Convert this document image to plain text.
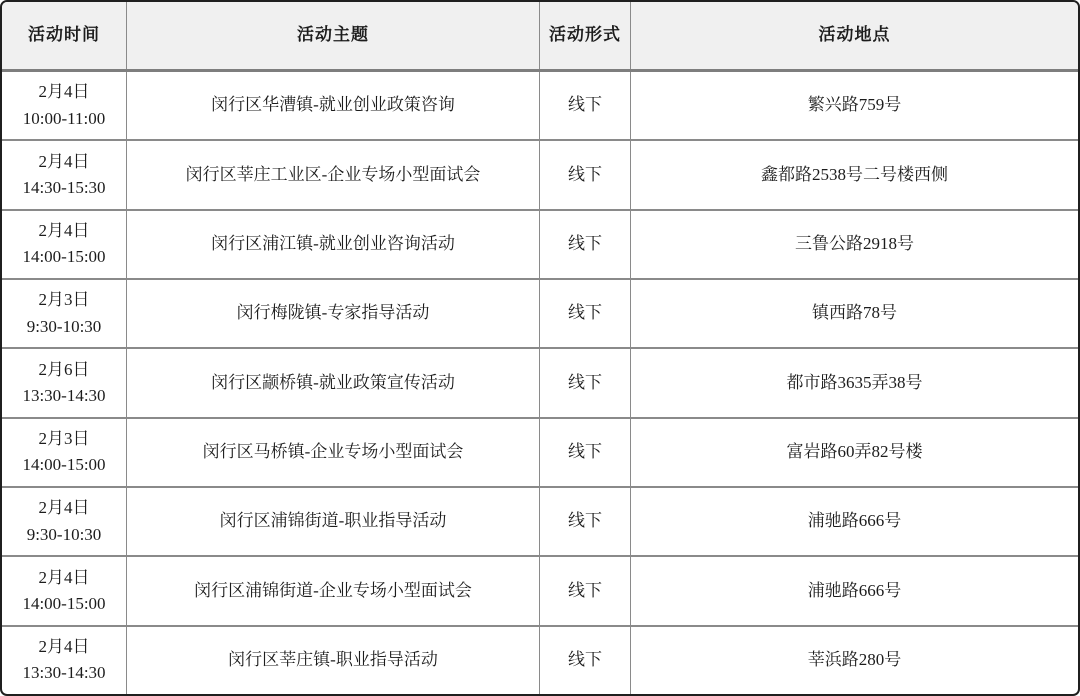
活动时间	活动主题	活动形式	活动地点
2月4日
10:00-11:00
闵行区华漕镇-就业创业政策咨询	线下	繁兴路759号
2月4日
14:30-15:30
闵行区莘庄工业区-企业专场小型面试会	线下	鑫都路2538号二号楼西侧
2月4日
14:00-15:00
闵行区浦江镇-就业创业咨询活动	线下	三鲁公路2918号
2月3日
9:30-10:30
闵行梅陇镇-专家指导活动	线下	镇西路78号
2月6日
13:30-14:30
闵行区颛桥镇-就业政策宣传活动	线下	都市路3635弄38号
2月3日
14:00-15:00
闵行区马桥镇-企业专场小型面试会	线下	富岩路60弄82号楼
2月4日
9:30-10:30
闵行区浦锦街道-职业指导活动	线下	浦驰路666号
2月4日
14:00-15:00
闵行区浦锦街道-企业专场小型面试会	线下	浦驰路666号
2月4日
13:30-14:30
闵行区莘庄镇-职业指导活动	线下	莘浜路280号
